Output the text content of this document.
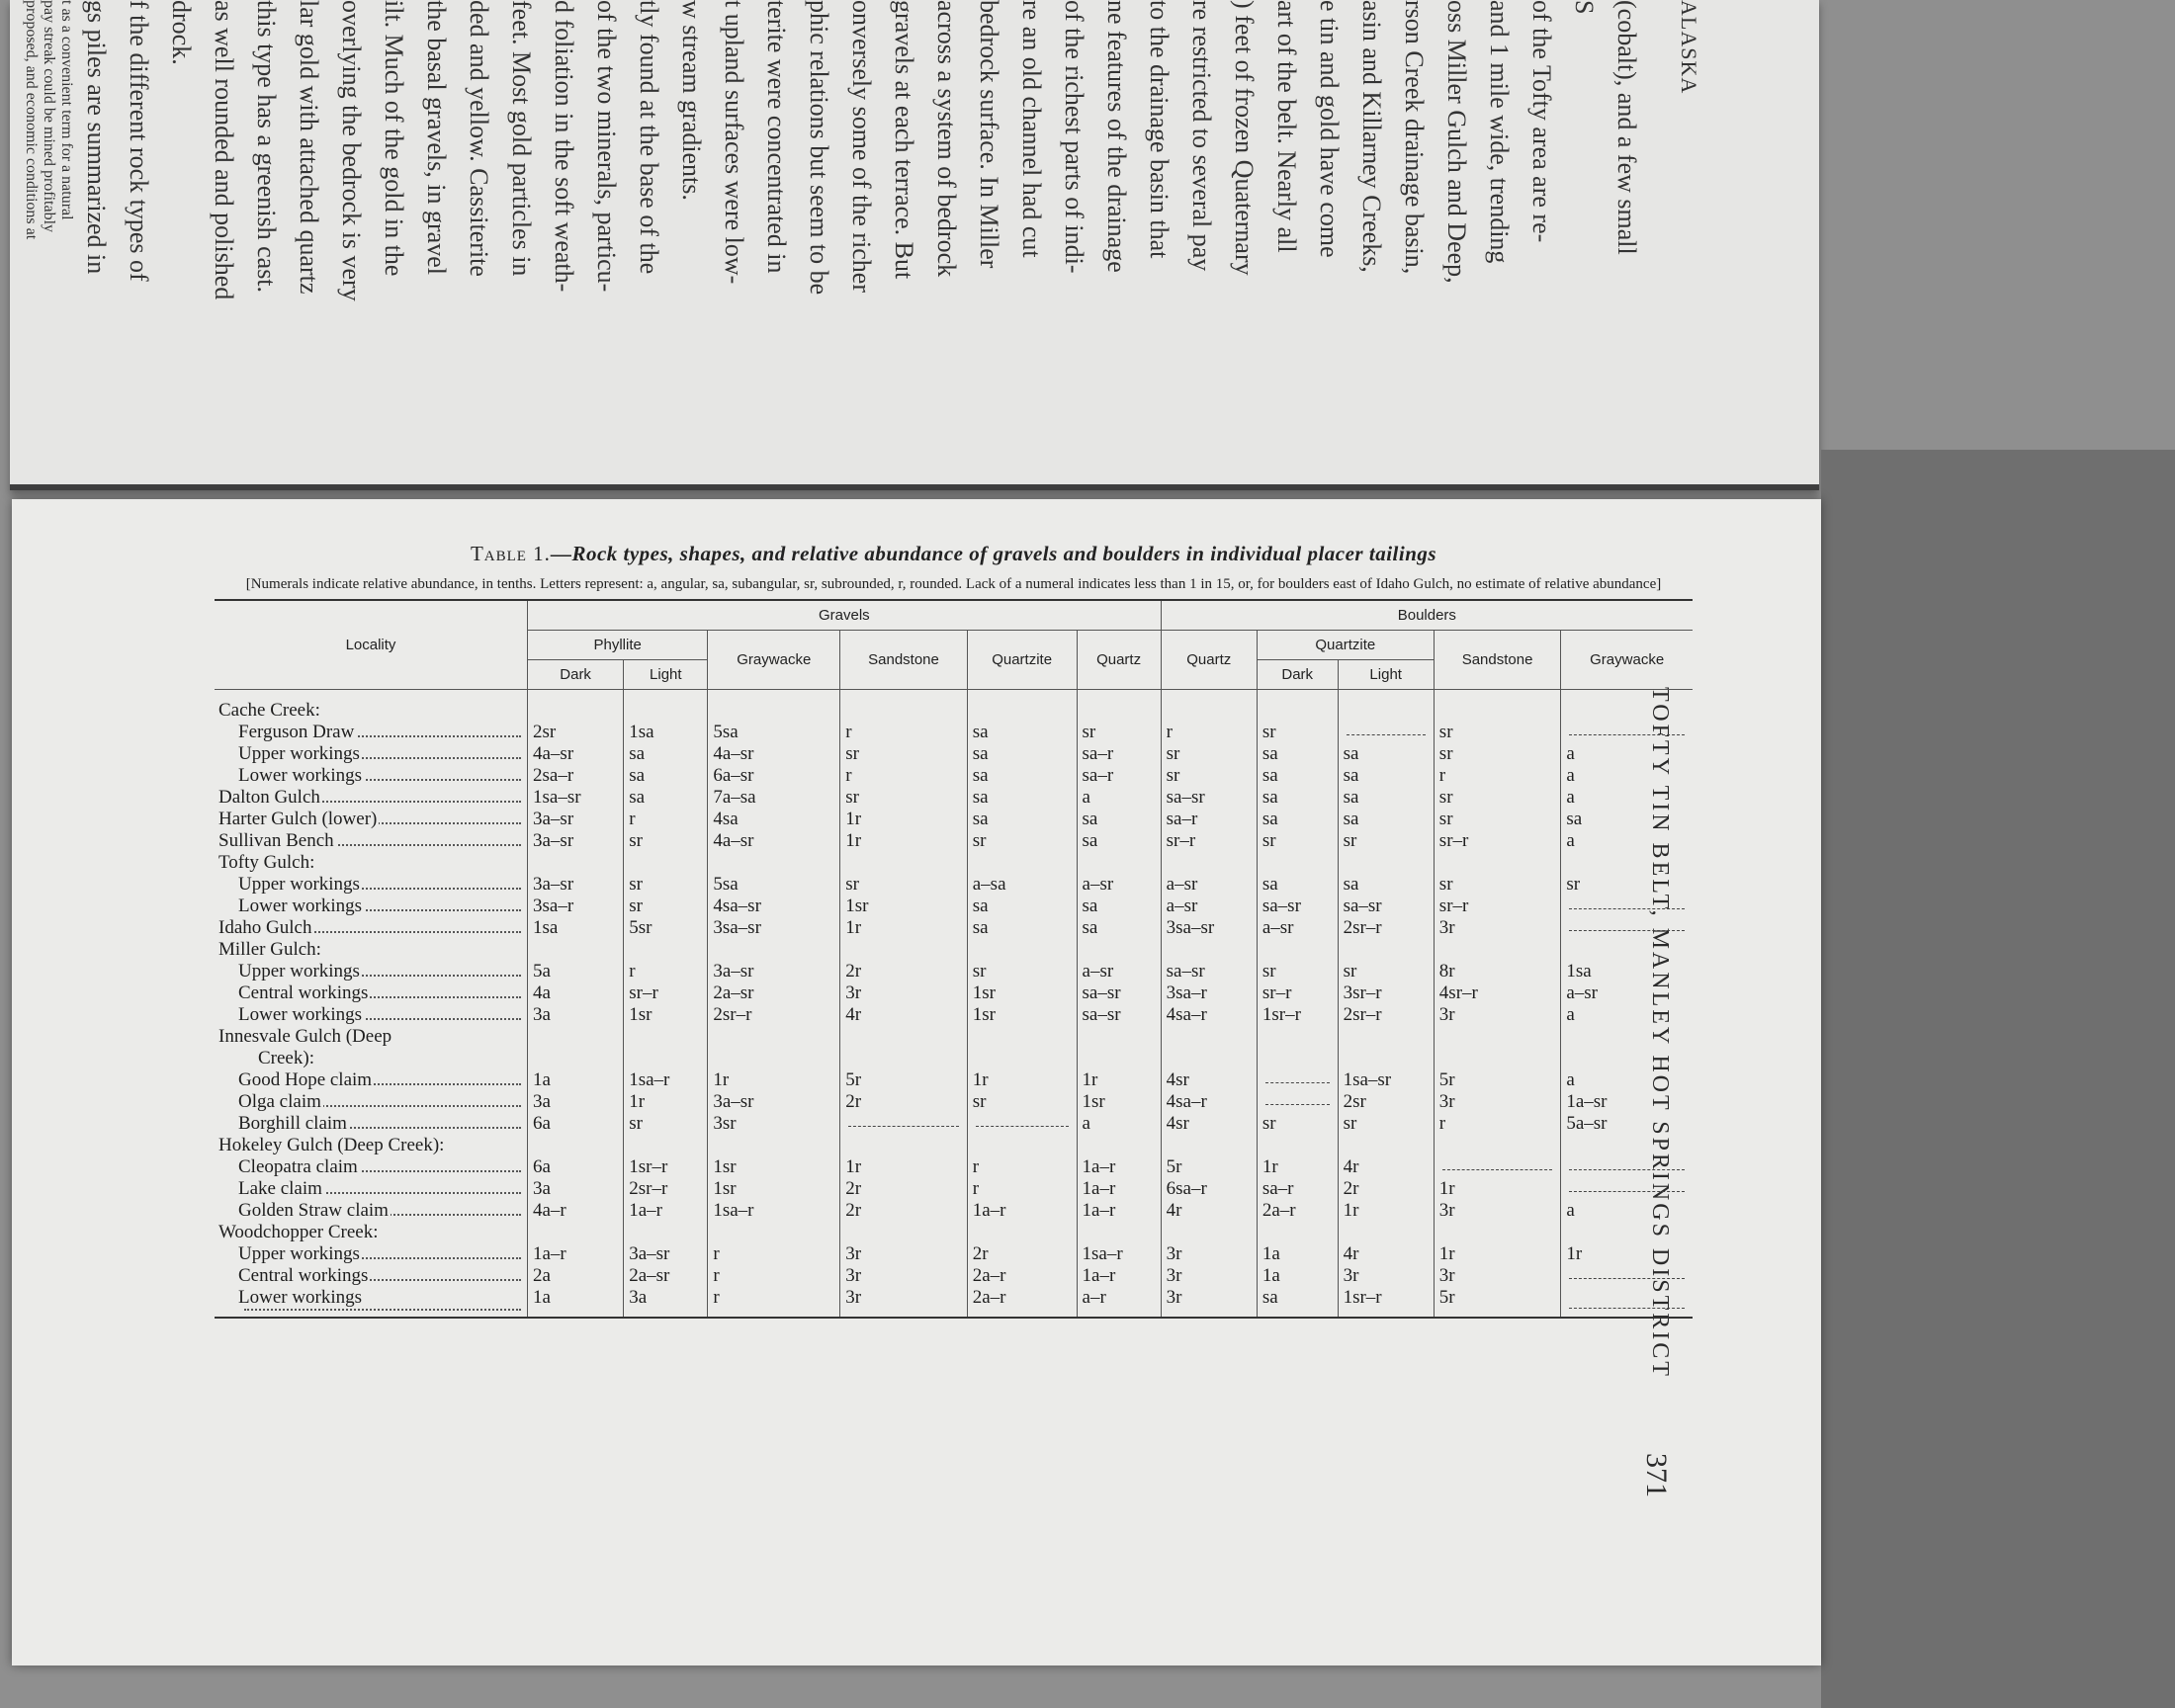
ALASKA
(cobalt), and a few small
S
of the Tofty area are re-
and 1 mile wide, trending
oss Miller Gulch and Deep,
rson Creek drainage basin,
asin and Killarney Creeks,
e tin and gold have come
art of the belt. Nearly all
) feet of frozen Quaternary
re restricted to several pay
to the drainage basin that
ne features of the drainage
of the richest parts of indi-
re an old channel had cut
bedrock surface. In Miller
across a system of bedrock
gravels at each terrace. But
onversely some of the richer
phic relations but seem to be
terite were concentrated in
t upland surfaces were low-
w stream gradients.
tly found at the base of the
of the two minerals, particu-
d foliation in the soft weath-
feet. Most gold particles in
ded and yellow. Cassiterite
the basal gravels, in gravel
ilt. Much of the gold in the
overlying the bedrock is very
lar gold with attached quartz
this type has a greenish cast.
as well rounded and polished
drock.
f the different rock types of
gs piles are summarized in
t as a convenient term for a natural
pay streak could be mined profitably
proposed, and economic conditions at
TOFTY TIN BELT, MANLEY HOT SPRINGS DISTRICT
371
Table 1.—Rock types, shapes, and relative abundance of gravels and boulders in individual placer tailings
[Numerals indicate relative abundance, in tenths. Letters represent: a, angular, sa, subangular, sr, subrounded, r, rounded. Lack of a numeral indicates less than 1 in 15, or, for boulders east of Idaho Gulch, no estimate of relative abundance]
Locality	Gravels						Boulders				
	Phyllite		Graywacke	Sandstone	Quartzite	Quartz	Quartz	Quartzite		Sandstone	Graywacke
	Dark	Light						Dark	Light		
Cache Creek:											
Ferguson Draw	2sr	1sa	5sa	r	sa	sr	r	sr		sr	
Upper workings	4a–sr	sa	4a–sr	sr	sa	sa–r	sr	sa	sa	sr	a
Lower workings	2sa–r	sa	6a–sr	r	sa	sa–r	sr	sa	sa	r	a
Dalton Gulch	1sa–sr	sa	7a–sa	sr	sa	a	sa–sr	sa	sa	sr	a
Harter Gulch (lower)	3a–sr	r	4sa	1r	sa	sa	sa–r	sa	sa	sr	sa
Sullivan Bench	3a–sr	sr	4a–sr	1r	sr	sa	sr–r	sr	sr	sr–r	a
Tofty Gulch:											
Upper workings	3a–sr	sr	5sa	sr	a–sa	a–sr	a–sr	sa	sa	sr	sr
Lower workings	3sa–r	sr	4sa–sr	1sr	sa	sa	a–sr	sa–sr	sa–sr	sr–r	
Idaho Gulch	1sa	5sr	3sa–sr	1r	sa	sa	3sa–sr	a–sr	2sr–r	3r	
Miller Gulch:											
Upper workings	5a	r	3a–sr	2r	sr	a–sr	sa–sr	sr	sr	8r	1sa
Central workings	4a	sr–r	2a–sr	3r	1sr	sa–sr	3sa–r	sr–r	3sr–r	4sr–r	a–sr
Lower workings	3a	1sr	2sr–r	4r	1sr	sa–sr	4sa–r	1sr–r	2sr–r	3r	a
Innesvale Gulch (Deep											
Creek):											
Good Hope claim	1a	1sa–r	1r	5r	1r	1r	4sr		1sa–sr	5r	a
Olga claim	3a	1r	3a–sr	2r	sr	1sr	4sa–r		2sr	3r	1a–sr
Borghill claim	6a	sr	3sr			a	4sr	sr	sr	r	5a–sr
Hokeley Gulch (Deep Creek):											
Cleopatra claim	6a	1sr–r	1sr	1r	r	1a–r	5r	1r	4r		
Lake claim	3a	2sr–r	1sr	2r	r	1a–r	6sa–r	sa–r	2r	1r	
Golden Straw claim	4a–r	1a–r	1sa–r	2r	1a–r	1a–r	4r	2a–r	1r	3r	a
Woodchopper Creek:											
Upper workings	1a–r	3a–sr	r	3r	2r	1sa–r	3r	1a	4r	1r	1r
Central workings	2a	2a–sr	r	3r	2a–r	1a–r	3r	1a	3r	3r	
Lower workings	1a	3a	r	3r	2a–r	a–r	3r	sa	1sr–r	5r	
